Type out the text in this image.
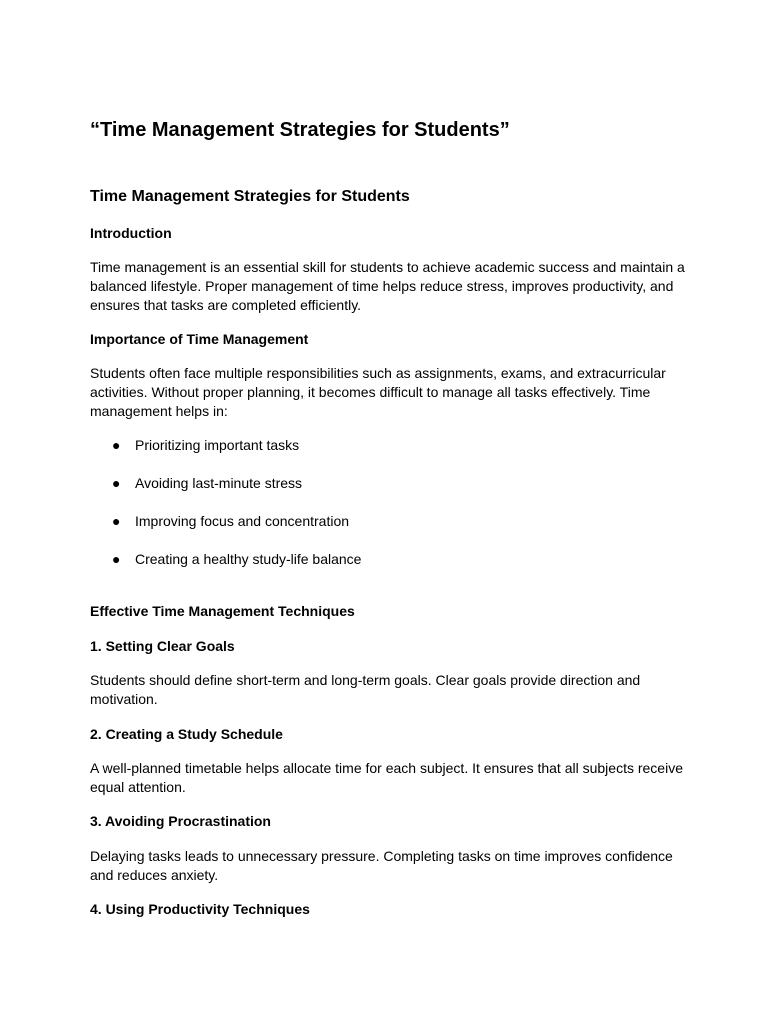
“Time Management Strategies for Students”
Time Management Strategies for Students
Introduction

Time management is an essential skill for students to achieve academic success and maintain a balanced lifestyle. Proper management of time helps reduce stress, improves productivity, and ensures that tasks are completed efficiently.

Importance of Time Management

Students often face multiple responsibilities such as assignments, exams, and extracurricular activities. Without proper planning, it becomes difficult to manage all tasks effectively. Time management helps in:

● Prioritizing important tasks
● Avoiding last-minute stress
● Improving focus and concentration
● Creating a healthy study-life balance
Effective Time Management Techniques
1. Setting Clear Goals

Students should define short-term and long-term goals. Clear goals provide direction and motivation.

2. Creating a Study Schedule

A well-planned timetable helps allocate time for each subject. It ensures that all subjects receive equal attention.

3. Avoiding Procrastination

Delaying tasks leads to unnecessary pressure. Completing tasks on time improves confidence and reduces anxiety.

4. Using Productivity Techniques
